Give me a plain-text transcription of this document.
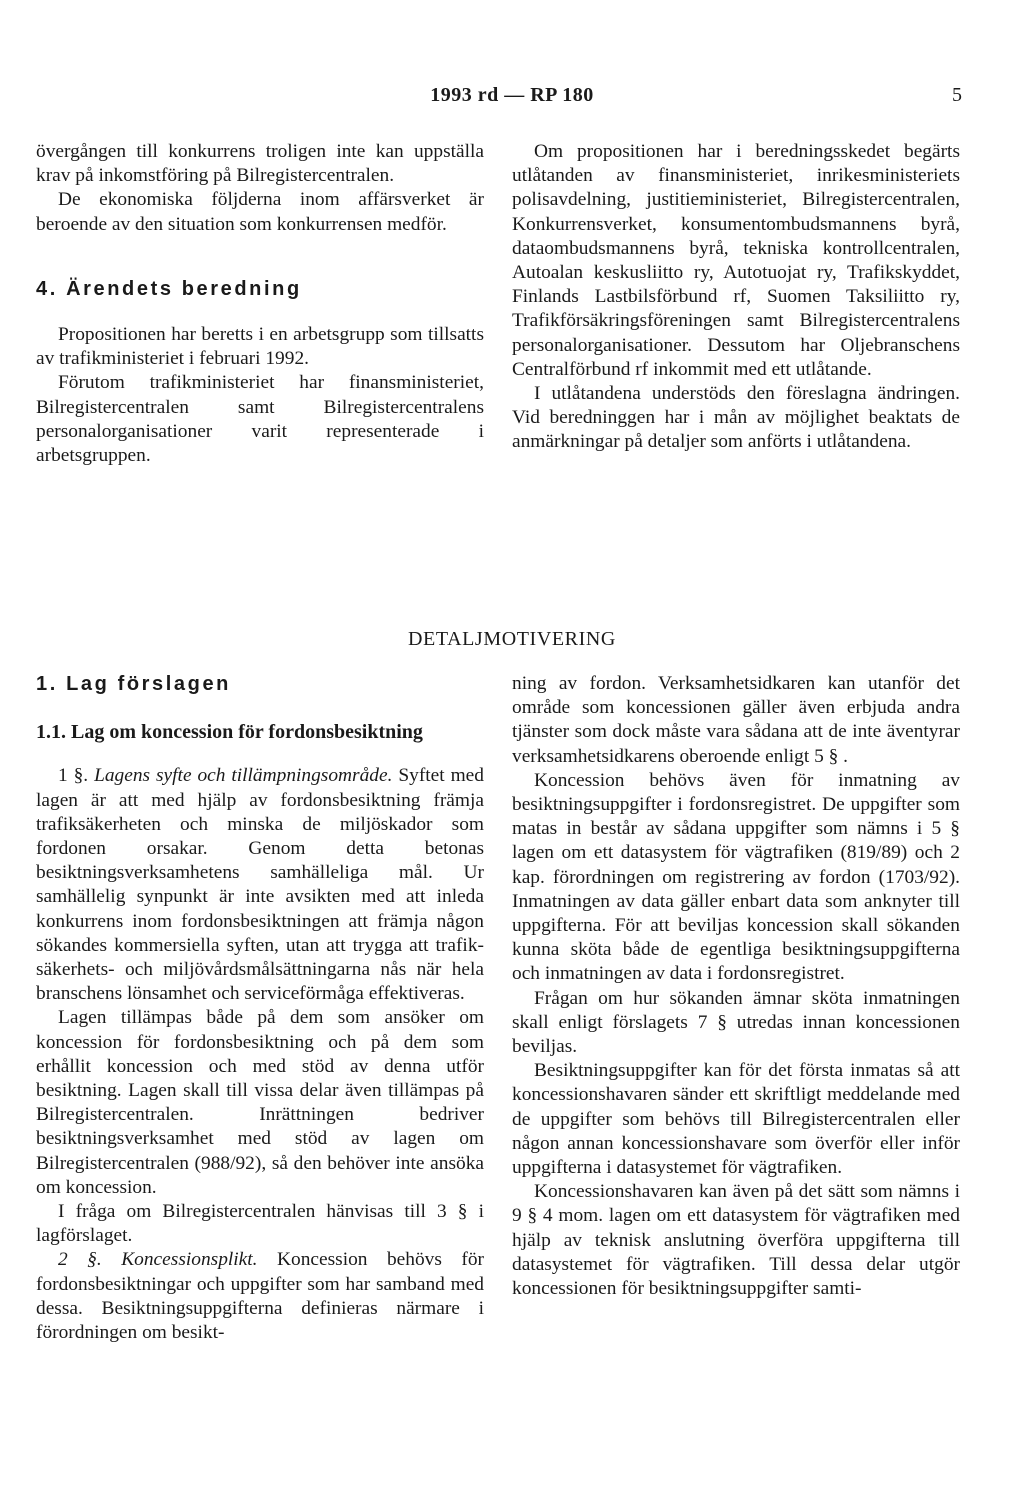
1993 rd — RP 180	5

övergången till konkurrens troligen inte kan uppställa krav på inkomstföring på Bilregistercentralen.

De ekonomiska följderna inom affärsverket är beroende av den situation som konkurrensen medför.

4. Ärendets beredning

Propositionen har beretts i en arbetsgrupp som tillsatts av trafikministeriet i februari 1992.

Förutom trafikministeriet har finansministeriet, Bilregistercentralen samt Bilregistercentralens personalorganisationer varit representerade i arbetsgruppen.

Om propositionen har i beredningsskedet begärts utlåtanden av finansministeriet, inrikesministeriets polisavdelning, justitieministeriet, Bilregistercentralen, Konkurrensverket, konsumentombudsmannens byrå, dataombudsmannens byrå, tekniska kontrollcentralen, Autoalan keskusliitto ry, Autotuojat ry, Trafikskyddet, Finlands Lastbilsförbund rf, Suomen Taksiliitto ry, Trafikförsäkringsföreningen samt Bilregistercentralens personalorganisationer. Dessutom har Oljebranschens Centralförbund rf inkommit med ett utlåtande.

I utlåtandena understöds den föreslagna ändringen. Vid beredninggen har i mån av möjlighet beaktats de anmärkningar på detaljer som anförts i utlåtandena.

DETALJMOTIVERING

1. Lag förslagen

1.1. Lag om koncession för fordonsbesiktning

1 §. Lagens syfte och tillämpningsområde. Syftet med lagen är att med hjälp av fordonsbesiktning främja trafiksäkerheten och minska de miljöskador som fordonen orsakar. Genom detta betonas besiktningsverksamhetens samhälleliga mål. Ur samhällelig synpunkt är inte avsikten med att inleda konkurrens inom fordonsbesiktningen att främja någon sökandes kommersiella syften, utan att trygga att trafiksäkerhets- och miljövårdsmålsättningarna nås när hela branschens lönsamhet och serviceförmåga effektiveras.

Lagen tillämpas både på dem som ansöker om koncession för fordonsbesiktning och på dem som erhållit koncession och med stöd av denna utför besiktning. Lagen skall till vissa delar även tillämpas på Bilregistercentralen. Inrättningen bedriver besiktningsverksamhet med stöd av lagen om Bilregistercentralen (988/92), så den behöver inte ansöka om koncession.

I fråga om Bilregistercentralen hänvisas till 3 § i lagförslaget.

2 §. Koncessionsplikt. Koncession behövs för fordonsbesiktningar och uppgifter som har samband med dessa. Besiktningsuppgifterna definieras närmare i förordningen om besikt-

ning av fordon. Verksamhetsidkaren kan utanför det område som koncessionen gäller även erbjuda andra tjänster som dock måste vara sådana att de inte äventyrar verksamhetsidkarens oberoende enligt 5 § .

Koncession behövs även för inmatning av besiktningsuppgifter i fordonsregistret. De uppgifter som matas in består av sådana uppgifter som nämns i 5 § lagen om ett datasystem för vägtrafiken (819/89) och 2 kap. förordningen om registrering av fordon (1703/92). Inmatningen av data gäller enbart data som anknyter till uppgifterna. För att beviljas koncession skall sökanden kunna sköta både de egentliga besiktningsuppgifterna och inmatningen av data i fordonsregistret.

Frågan om hur sökanden ämnar sköta inmatningen skall enligt förslagets 7 § utredas innan koncessionen beviljas.

Besiktningsuppgifter kan för det första inmatas så att koncessionshavaren sänder ett skriftligt meddelande med de uppgifter som behövs till Bilregistercentralen eller någon annan koncessionshavare som överför eller inför uppgifterna i datasystemet för vägtrafiken.

Koncessionshavaren kan även på det sätt som nämns i 9 § 4 mom. lagen om ett datasystem för vägtrafiken med hjälp av teknisk anslutning överföra uppgifterna till datasystemet för vägtrafiken. Till dessa delar utgör koncessionen för besiktningsuppgifter samti-
